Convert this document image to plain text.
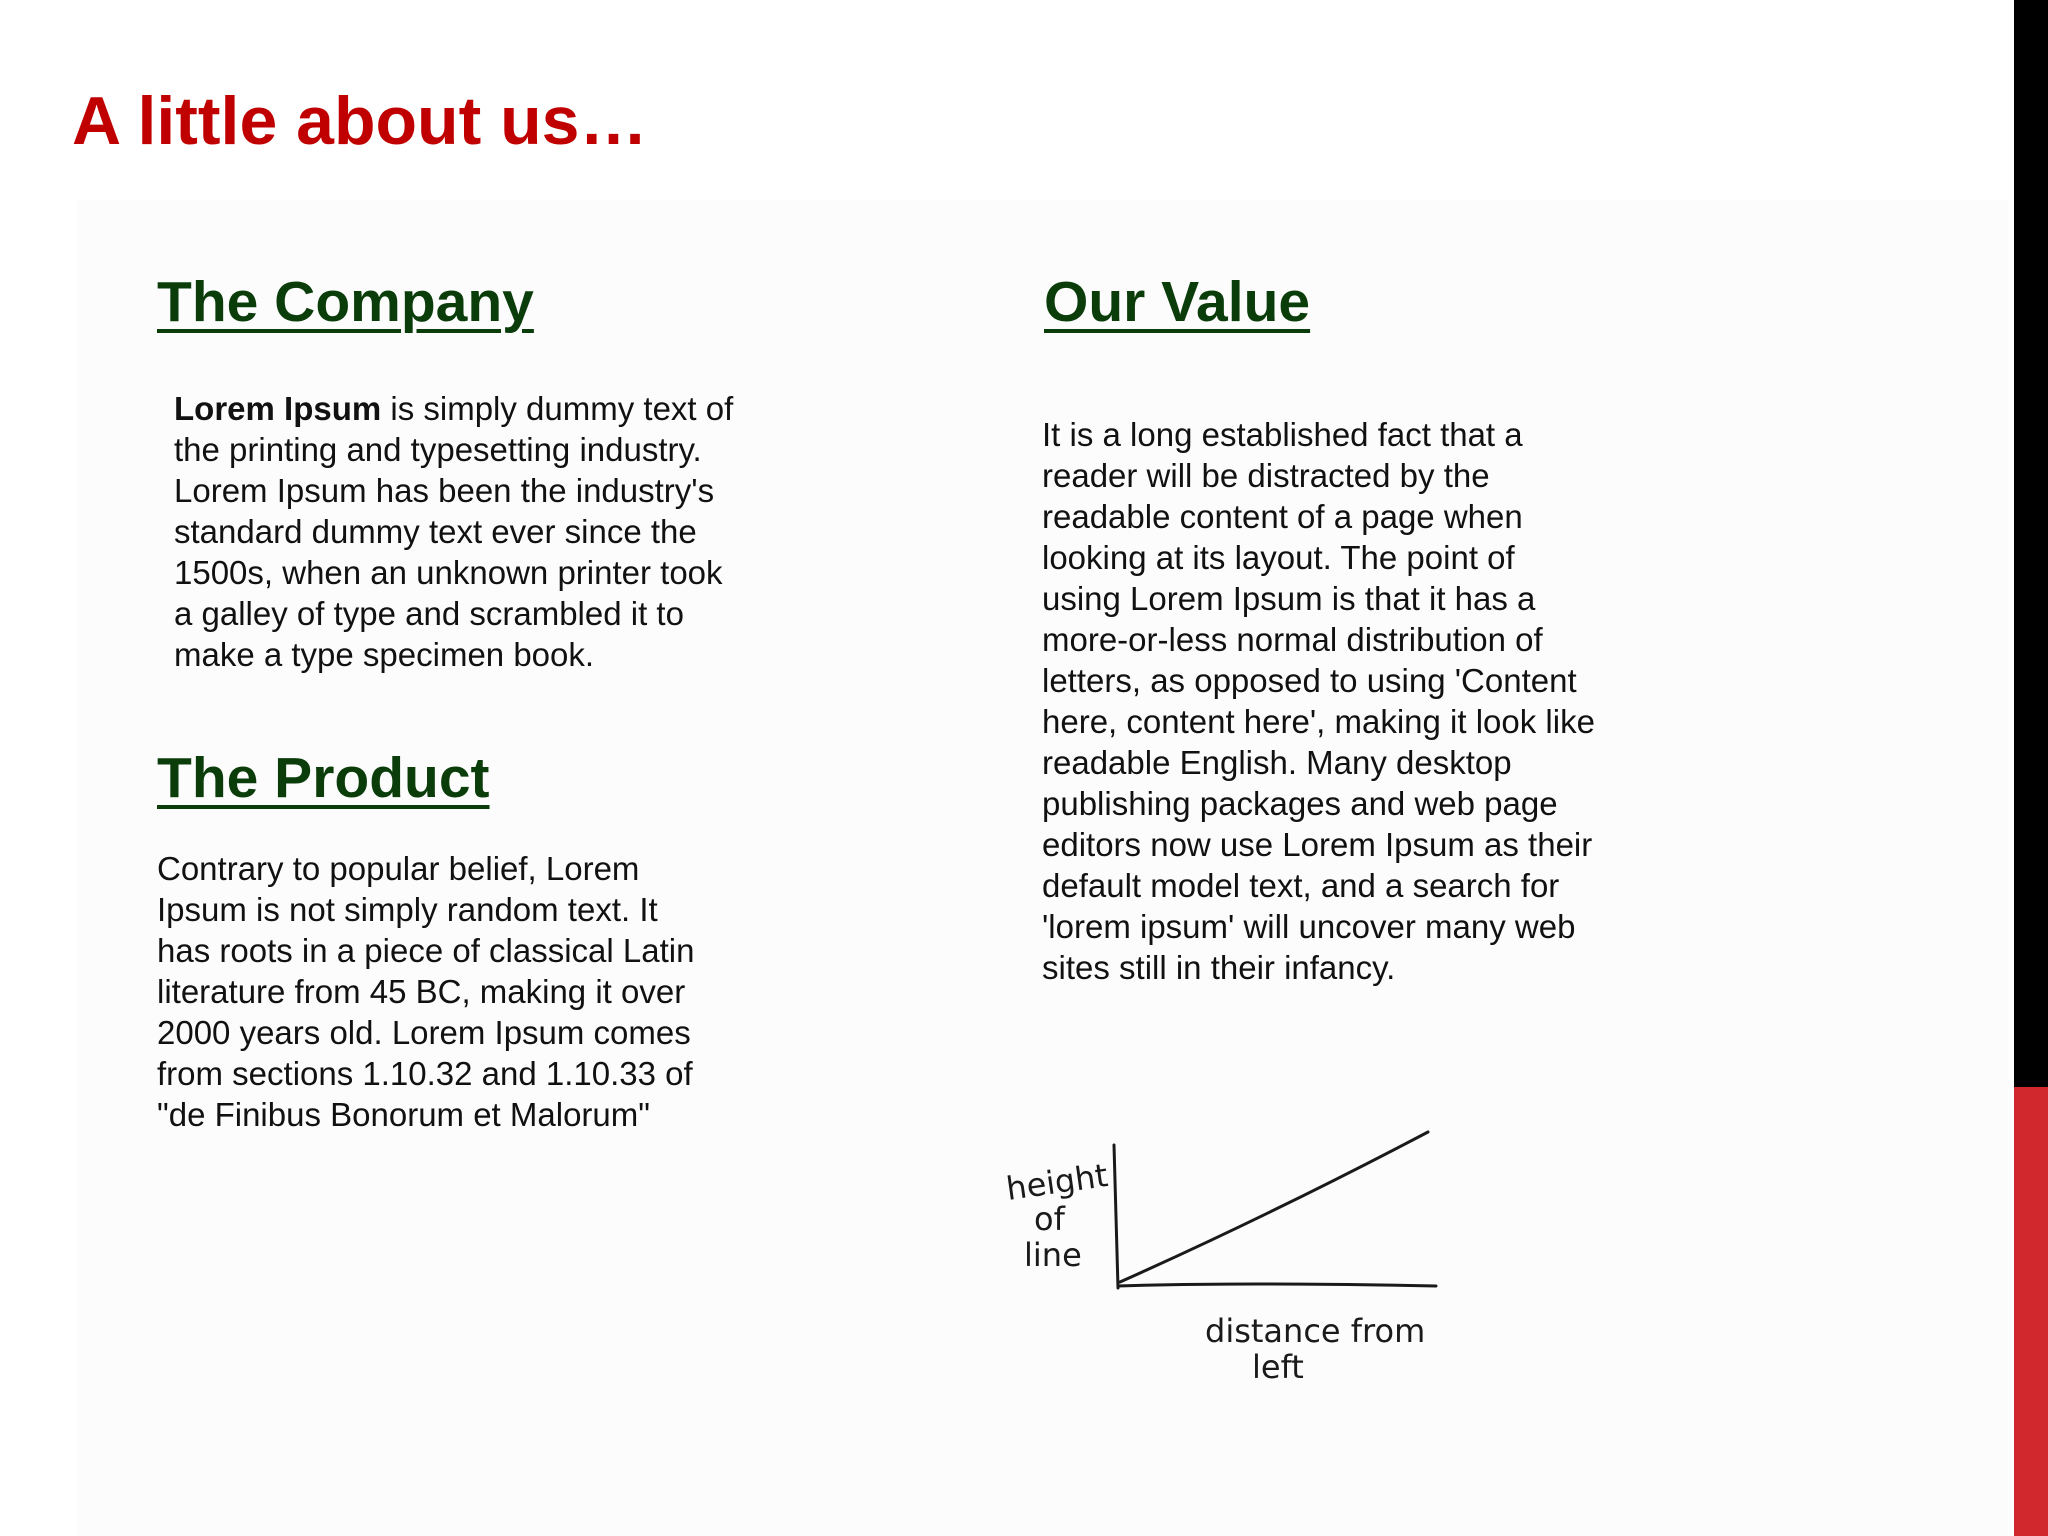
A little about us…
The Company

Lorem Ipsum is simply dummy text of the printing and typesetting industry. Lorem Ipsum has been the industry's standard dummy text ever since the 1500s, when an unknown printer took a galley of type and scrambled it to make a type specimen book.

The Product

Contrary to popular belief, Lorem Ipsum is not simply random text. It has roots in a piece of classical Latin literature from 45 BC, making it over 2000 years old. Lorem Ipsum comes from sections 1.10.32 and 1.10.33 of "de Finibus Bonorum et Malorum"

Our Value

It is a long established fact that a reader will be distracted by the readable content of a page when looking at its layout. The point of using Lorem Ipsum is that it has a more-or-less normal distribution of letters, as opposed to using 'Content here, content here', making it look like readable English. Many desktop publishing packages and web page editors now use Lorem Ipsum as their default model text, and a search for 'lorem ipsum' will uncover many web sites still in their infancy.

height
of
line
distance from
left
